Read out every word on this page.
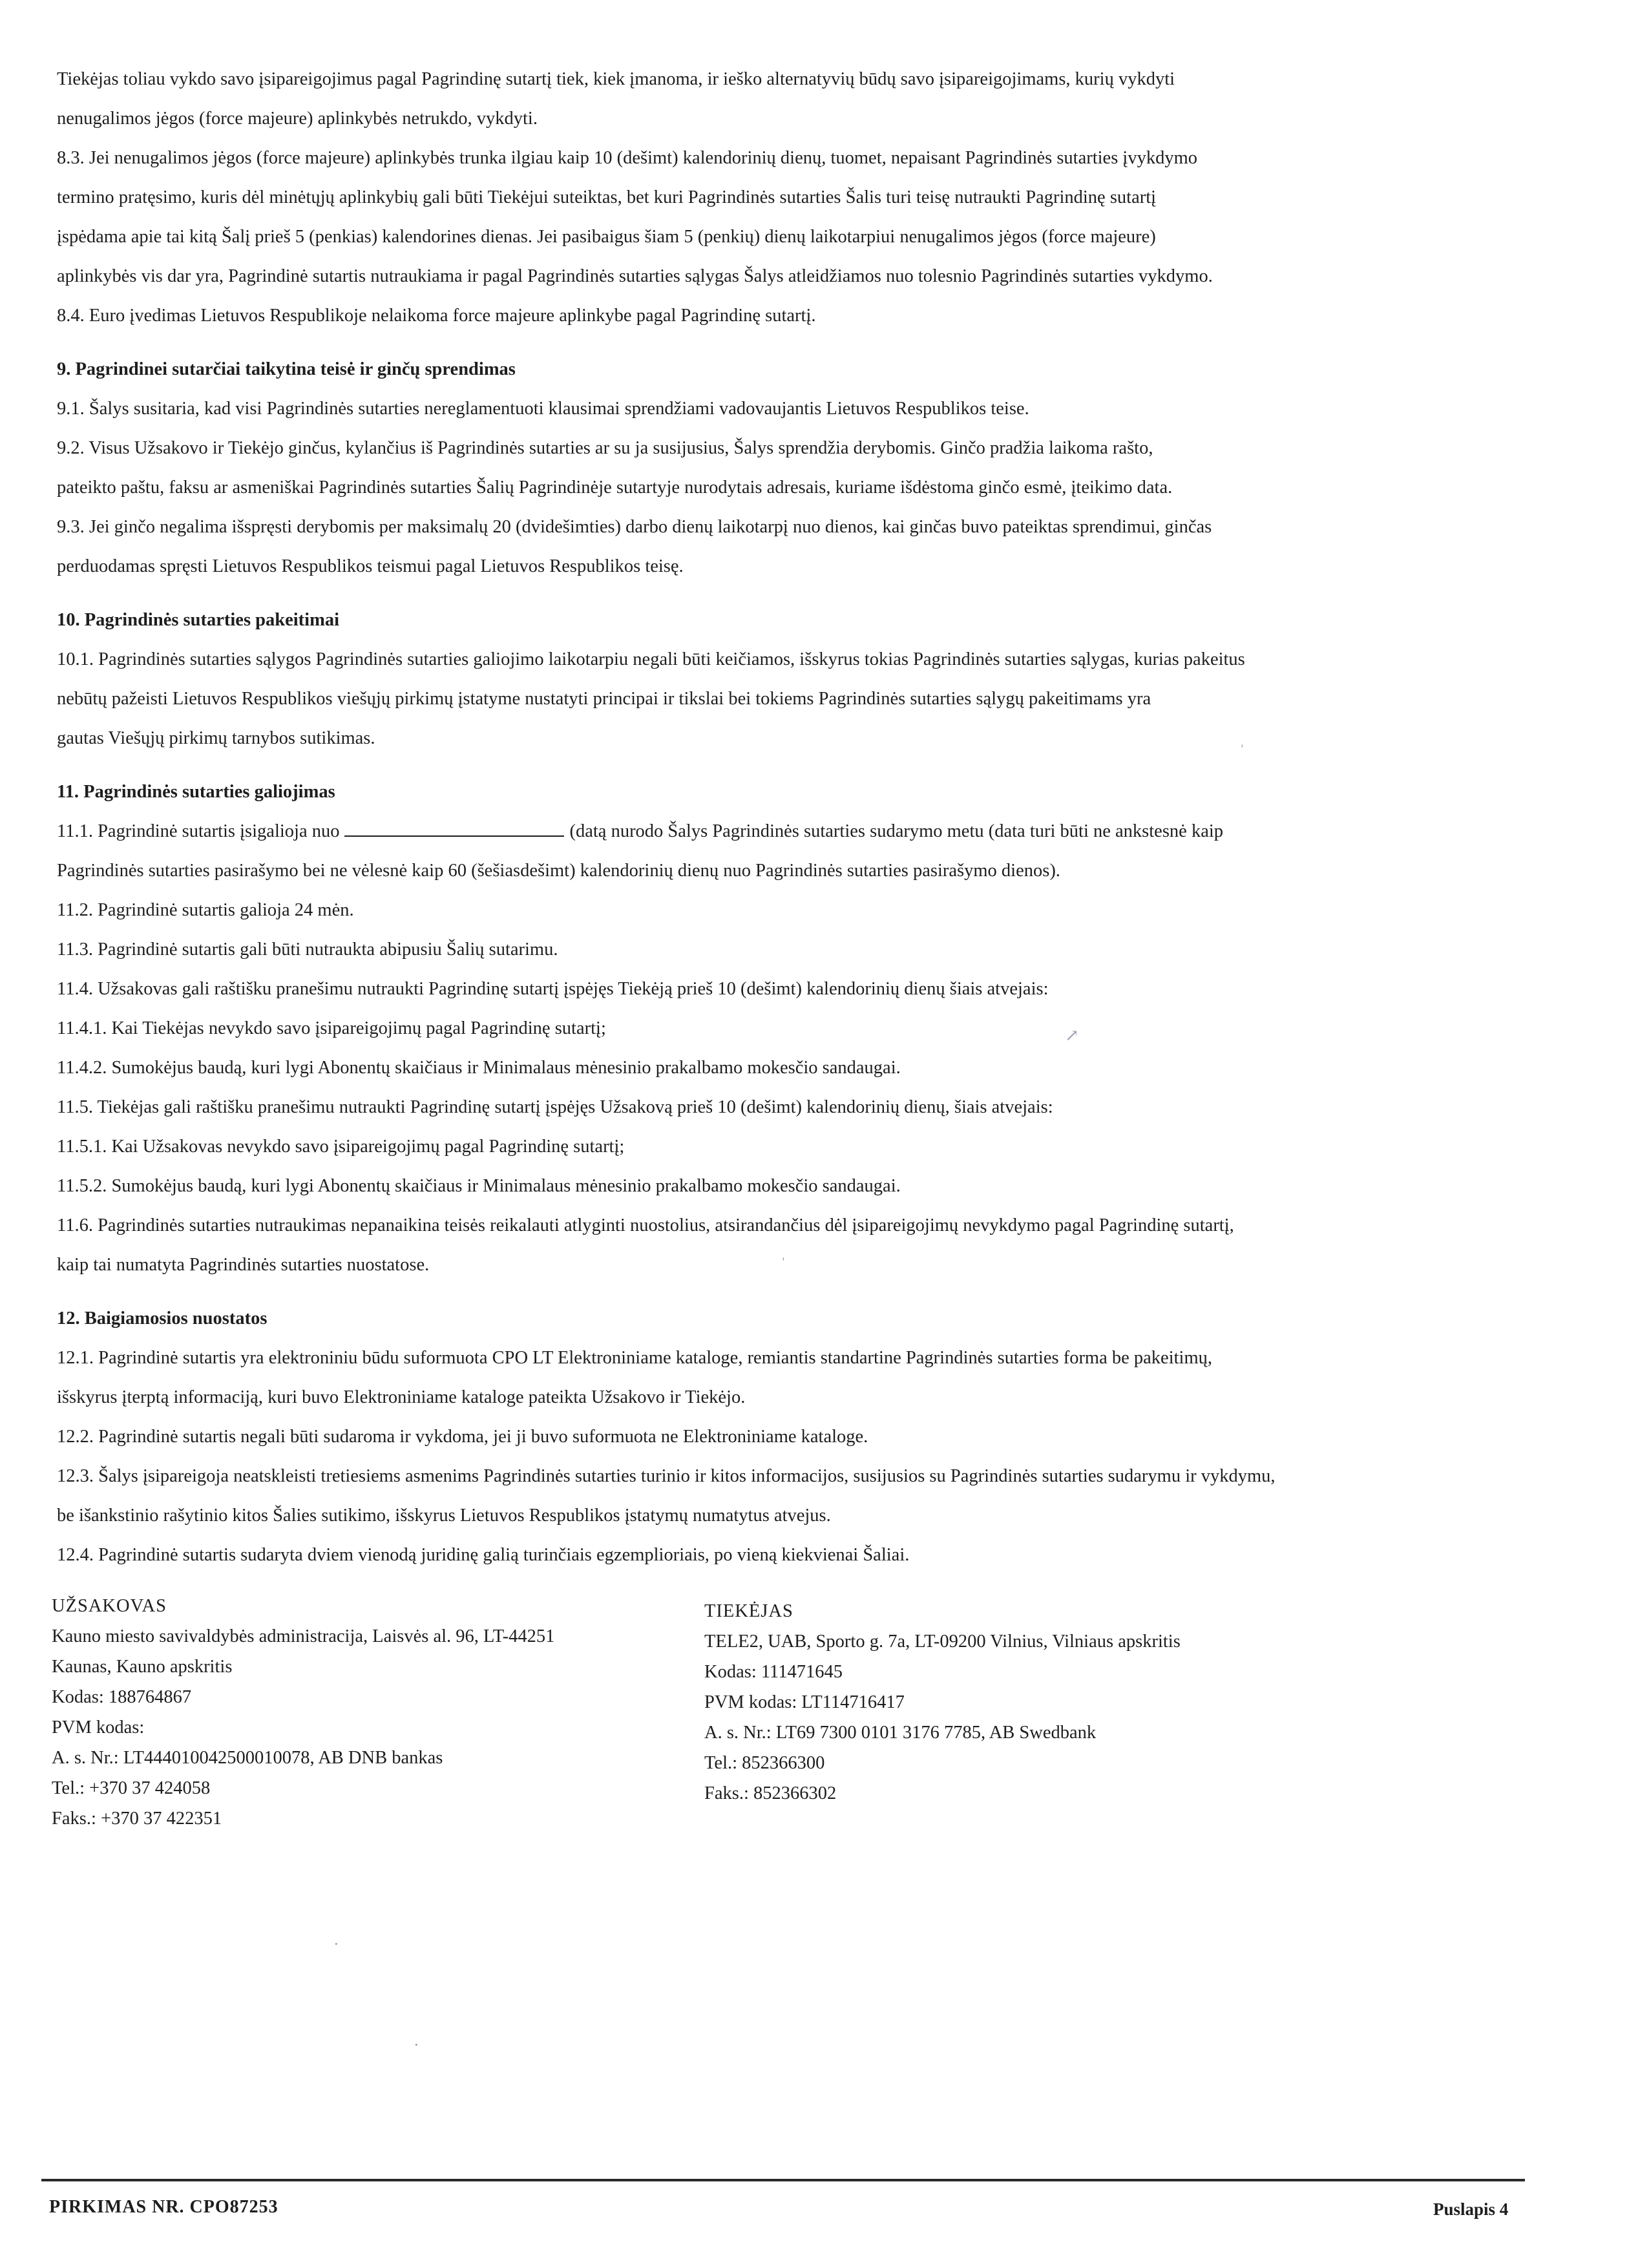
Tiekėjas toliau vykdo savo įsipareigojimus pagal Pagrindinę sutartį tiek, kiek įmanoma, ir ieško alternatyvių būdų savo įsipareigojimams, kurių vykdyti
nenugalimos jėgos (force majeure) aplinkybės netrukdo, vykdyti.
8.3. Jei nenugalimos jėgos (force majeure) aplinkybės trunka ilgiau kaip 10 (dešimt) kalendorinių dienų, tuomet, nepaisant Pagrindinės sutarties įvykdymo
termino pratęsimo, kuris dėl minėtųjų aplinkybių gali būti Tiekėjui suteiktas, bet kuri Pagrindinės sutarties Šalis turi teisę nutraukti Pagrindinę sutartį
įspėdama apie tai kitą Šalį prieš 5 (penkias) kalendorines dienas. Jei pasibaigus šiam 5 (penkių) dienų laikotarpiui nenugalimos jėgos (force majeure)
aplinkybės vis dar yra, Pagrindinė sutartis nutraukiama ir pagal Pagrindinės sutarties sąlygas Šalys atleidžiamos nuo tolesnio Pagrindinės sutarties vykdymo.
8.4. Euro įvedimas Lietuvos Respublikoje nelaikoma force majeure aplinkybe pagal Pagrindinę sutartį.
9. Pagrindinei sutarčiai taikytina teisė ir ginčų sprendimas
9.1. Šalys susitaria, kad visi Pagrindinės sutarties nereglamentuoti klausimai sprendžiami vadovaujantis Lietuvos Respublikos teise.
9.2. Visus Užsakovo ir Tiekėjo ginčus, kylančius iš Pagrindinės sutarties ar su ja susijusius, Šalys sprendžia derybomis. Ginčo pradžia laikoma rašto,
pateikto paštu, faksu ar asmeniškai Pagrindinės sutarties Šalių Pagrindinėje sutartyje nurodytais adresais, kuriame išdėstoma ginčo esmė, įteikimo data.
9.3. Jei ginčo negalima išspręsti derybomis per maksimalų 20 (dvidešimties) darbo dienų laikotarpį nuo dienos, kai ginčas buvo pateiktas sprendimui, ginčas
perduodamas spręsti Lietuvos Respublikos teismui pagal Lietuvos Respublikos teisę.
10. Pagrindinės sutarties pakeitimai
10.1. Pagrindinės sutarties sąlygos Pagrindinės sutarties galiojimo laikotarpiu negali būti keičiamos, išskyrus tokias Pagrindinės sutarties sąlygas, kurias pakeitus
nebūtų pažeisti Lietuvos Respublikos viešųjų pirkimų įstatyme nustatyti principai ir tikslai bei tokiems Pagrindinės sutarties sąlygų pakeitimams yra
gautas Viešųjų pirkimų tarnybos sutikimas.
11. Pagrindinės sutarties galiojimas
11.1. Pagrindinė sutartis įsigalioja nuo	(datą nurodo Šalys Pagrindinės sutarties sudarymo metu (data turi būti ne ankstesnė kaip
Pagrindinės sutarties pasirašymo bei ne vėlesnė kaip 60 (šešiasdešimt) kalendorinių dienų nuo Pagrindinės sutarties pasirašymo dienos).
11.2. Pagrindinė sutartis galioja 24 mėn.
11.3. Pagrindinė sutartis gali būti nutraukta abipusiu Šalių sutarimu.
11.4. Užsakovas gali raštišku pranešimu nutraukti Pagrindinę sutartį įspėjęs Tiekėją prieš 10 (dešimt) kalendorinių dienų šiais atvejais:
11.4.1. Kai Tiekėjas nevykdo savo įsipareigojimų pagal Pagrindinę sutartį;
11.4.2. Sumokėjus baudą, kuri lygi Abonentų skaičiaus ir Minimalaus mėnesinio prakalbamo mokesčio sandaugai.
11.5. Tiekėjas gali raštišku pranešimu nutraukti Pagrindinę sutartį įspėjęs Užsakovą prieš 10 (dešimt) kalendorinių dienų, šiais atvejais:
11.5.1. Kai Užsakovas nevykdo savo įsipareigojimų pagal Pagrindinę sutartį;
11.5.2. Sumokėjus baudą, kuri lygi Abonentų skaičiaus ir Minimalaus mėnesinio prakalbamo mokesčio sandaugai.
11.6. Pagrindinės sutarties nutraukimas nepanaikina teisės reikalauti atlyginti nuostolius, atsirandančius dėl įsipareigojimų nevykdymo pagal Pagrindinę sutartį,
kaip tai numatyta Pagrindinės sutarties nuostatose.
12. Baigiamosios nuostatos
12.1. Pagrindinė sutartis yra elektroniniu būdu suformuota CPO LT Elektroniniame kataloge, remiantis standartine Pagrindinės sutarties forma be pakeitimų,
išskyrus įterptą informaciją, kuri buvo Elektroniniame kataloge pateikta Užsakovo ir Tiekėjo.
12.2. Pagrindinė sutartis negali būti sudaroma ir vykdoma, jei ji buvo suformuota ne Elektroniniame kataloge.
12.3. Šalys įsipareigoja neatskleisti tretiesiems asmenims Pagrindinės sutarties turinio ir kitos informacijos, susijusios su Pagrindinės sutarties sudarymu ir vykdymu,
be išankstinio rašytinio kitos Šalies sutikimo, išskyrus Lietuvos Respublikos įstatymų numatytus atvejus.
12.4. Pagrindinė sutartis sudaryta dviem vienodą juridinę galią turinčiais egzemplioriais, po vieną kiekvienai Šaliai.
UŽSAKOVAS
Kauno miesto savivaldybės administracija, Laisvės al. 96, LT-44251
Kaunas, Kauno apskritis
Kodas: 188764867
PVM kodas:
A. s. Nr.: LT444010042500010078, AB DNB bankas
Tel.: +370 37 424058
Faks.: +370 37 422351
TIEKĖJAS
TELE2, UAB, Sporto g. 7a, LT-09200 Vilnius, Vilniaus apskritis
Kodas: 111471645
PVM kodas: LT114716417
A. s. Nr.: LT69 7300 0101 3176 7785, AB Swedbank
Tel.: 852366300
Faks.: 852366302
ˈ
↗
ˈ
·
·
PIRKIMAS NR. CPO87253	Puslapis 4
